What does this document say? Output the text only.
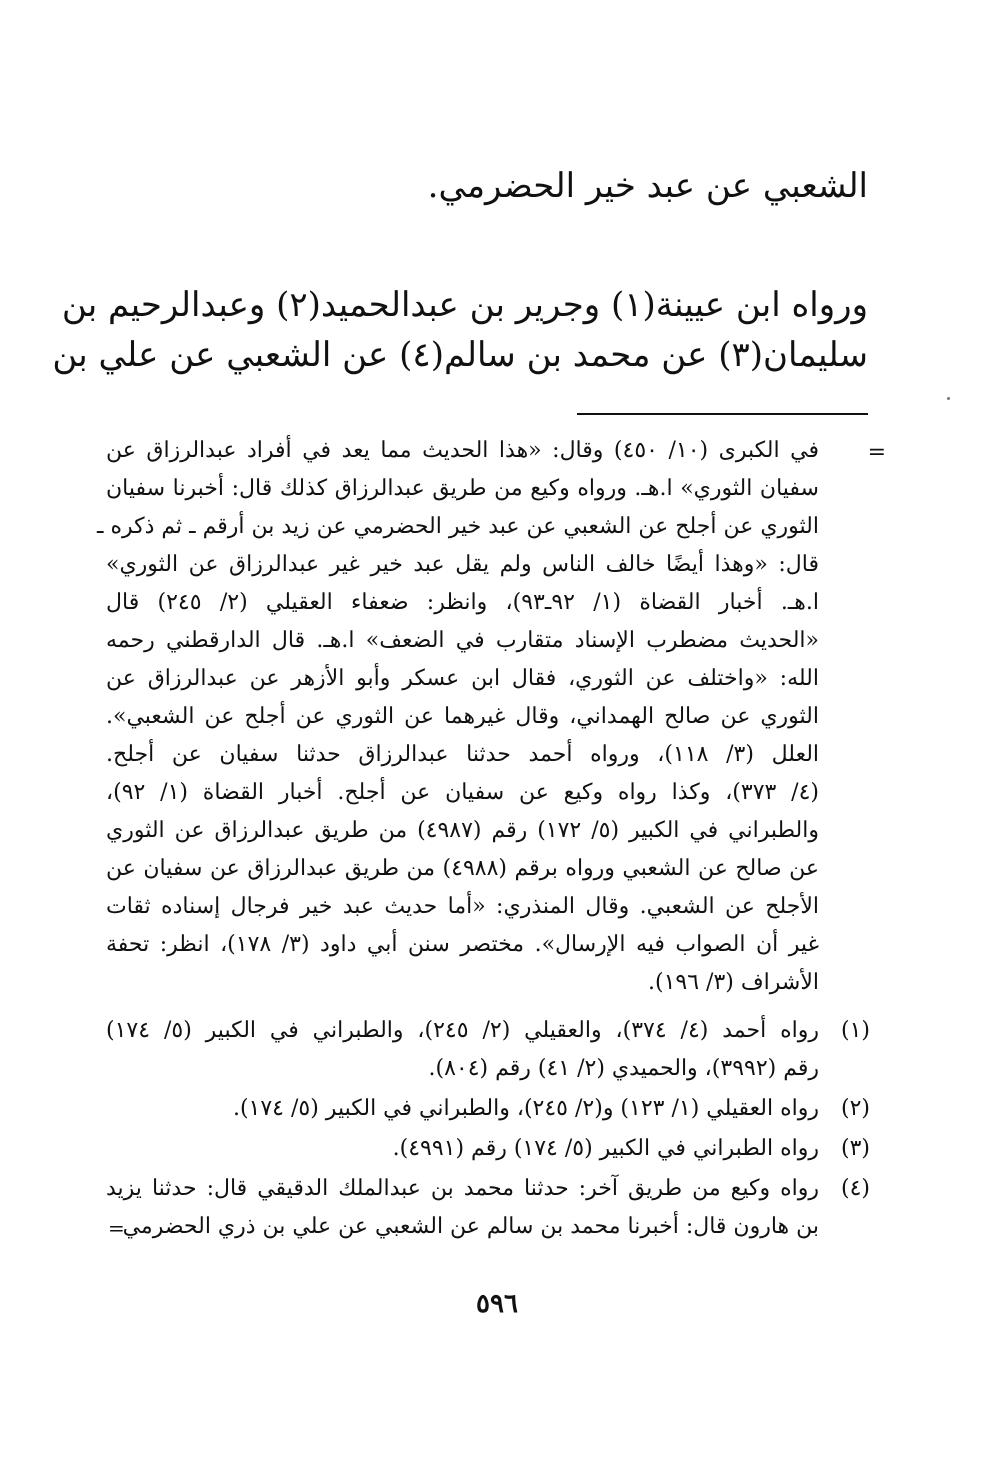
الشعبي عن عبد خير الحضرمي.
ورواه ابن عيينة(١) وجرير بن عبدالحميد(٢) وعبدالرحيم بن
سليمان(٣) عن محمد بن سالم(٤) عن الشعبي عن علي بن
=
في الكبرى (١٠/ ٤٥٠) وقال: «هذا الحديث مما يعد في أفراد عبدالرزاق عن
سفيان الثوري» ا.هـ. ورواه وكيع من طريق عبدالرزاق كذلك قال: أخبرنا سفيان
الثوري عن أجلح عن الشعبي عن عبد خير الحضرمي عن زيد بن أرقم ـ ثم ذكره ـ
قال: «وهذا أيضًا خالف الناس ولم يقل عبد خير غير عبدالرزاق عن الثوري»
ا.هـ. أخبار القضاة (١/ ٩٢ـ٩٣)، وانظر: ضعفاء العقيلي (٢/ ٢٤٥) قال
«الحديث مضطرب الإسناد متقارب في الضعف» ا.هـ. قال الدارقطني رحمه
الله: «واختلف عن الثوري، فقال ابن عسكر وأبو الأزهر عن عبدالرزاق عن
الثوري عن صالح الهمداني، وقال غيرهما عن الثوري عن أجلح عن الشعبي».
العلل (٣/ ١١٨)، ورواه أحمد حدثنا عبدالرزاق حدثنا سفيان عن أجلح.
(٤/ ٣٧٣)، وكذا رواه وكيع عن سفيان عن أجلح. أخبار القضاة (١/ ٩٢)،
والطبراني في الكبير (٥/ ١٧٢) رقم (٤٩٨٧) من طريق عبدالرزاق عن الثوري
عن صالح عن الشعبي ورواه برقم (٤٩٨٨) من طريق عبدالرزاق عن سفيان عن
الأجلح عن الشعبي. وقال المنذري: «أما حديث عبد خير فرجال إسناده ثقات
غير أن الصواب فيه الإرسال». مختصر سنن أبي داود (٣/ ١٧٨)، انظر: تحفة
الأشراف (٣/ ١٩٦).
(١)
رواه أحمد (٤/ ٣٧٤)، والعقيلي (٢/ ٢٤٥)، والطبراني في الكبير (٥/ ١٧٤)
رقم (٣٩٩٢)، والحميدي (٢/ ٤١) رقم (٨٠٤).
(٢)
رواه العقيلي (١/ ١٢٣) و(٢/ ٢٤٥)، والطبراني في الكبير (٥/ ١٧٤).
(٣)
رواه الطبراني في الكبير (٥/ ١٧٤) رقم (٤٩٩١).
(٤)
رواه وكيع من طريق آخر: حدثنا محمد بن عبدالملك الدقيقي قال: حدثنا يزيد
بن هارون قال: أخبرنا محمد بن سالم عن الشعبي عن علي بن ذري الحضرمي
=
٥٩٦
